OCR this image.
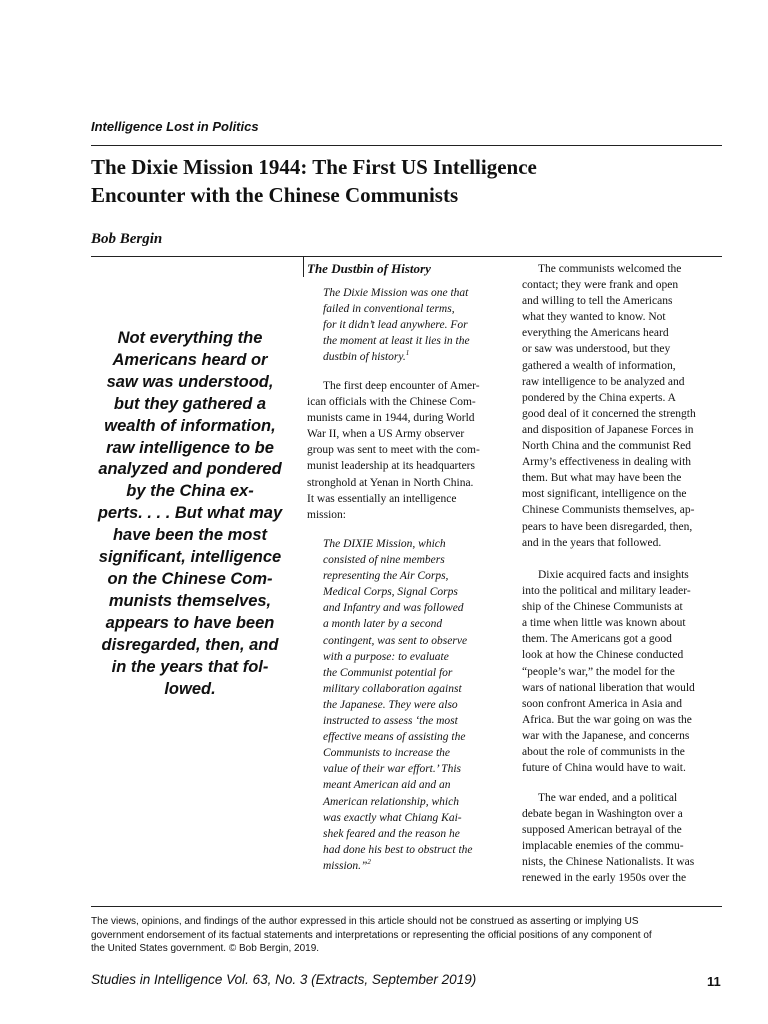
Intelligence Lost in Politics
The Dixie Mission 1944: The First US Intelligence
Encounter with the Chinese Communists
Bob Bergin
Not everything the
Americans heard or
saw was understood,
but they gathered a
wealth of information,
raw intelligence to be
analyzed and pondered
by the China ex-
perts. . . . But what may
have been the most
significant, intelligence
on the Chinese Com-
munists themselves,
appears to have been
disregarded, then, and
in the years that fol-
lowed.
The Dustbin of History
The Dixie Mission was one that
failed in conventional terms,
for it didn’t lead anywhere. For
the moment at least it lies in the
dustbin of history.$^1$
The first deep encounter of Amer-
ican officials with the Chinese Com-
munists came in 1944, during World
War II, when a US Army observer
group was sent to meet with the com-
munist leadership at its headquarters
stronghold at Yenan in North China.
It was essentially an intelligence
mission:
The DIXIE Mission, which
consisted of nine members
representing the Air Corps,
Medical Corps, Signal Corps
and Infantry and was followed
a month later by a second
contingent, was sent to observe
with a purpose: to evaluate
the Communist potential for
military collaboration against
the Japanese. They were also
instructed to assess ‘the most
effective means of assisting the
Communists to increase the
value of their war effort.’ This
meant American aid and an
American relationship, which
was exactly what Chiang Kai-
shek feared and the reason he
had done his best to obstruct the
mission.”$^2$
The communists welcomed the
contact; they were frank and open
and willing to tell the Americans
what they wanted to know. Not
everything the Americans heard
or saw was understood, but they
gathered a wealth of information,
raw intelligence to be analyzed and
pondered by the China experts. A
good deal of it concerned the strength
and disposition of Japanese Forces in
North China and the communist Red
Army’s effectiveness in dealing with
them. But what may have been the
most significant, intelligence on the
Chinese Communists themselves, ap-
pears to have been disregarded, then,
and in the years that followed.
Dixie acquired facts and insights
into the political and military leader-
ship of the Chinese Communists at
a time when little was known about
them. The Americans got a good
look at how the Chinese conducted
“people’s war,” the model for the
wars of national liberation that would
soon confront America in Asia and
Africa. But the war going on was the
war with the Japanese, and concerns
about the role of communists in the
future of China would have to wait.
The war ended, and a political
debate began in Washington over a
supposed American betrayal of the
implacable enemies of the commu-
nists, the Chinese Nationalists. It was
renewed in the early 1950s over the
The views, opinions, and findings of the author expressed in this article should not be construed as asserting or implying US
government endorsement of its factual statements and interpretations or representing the official positions of any component of
the United States government. © Bob Bergin, 2019.
Studies in Intelligence Vol. 63, No. 3 (Extracts, September 2019)	11
